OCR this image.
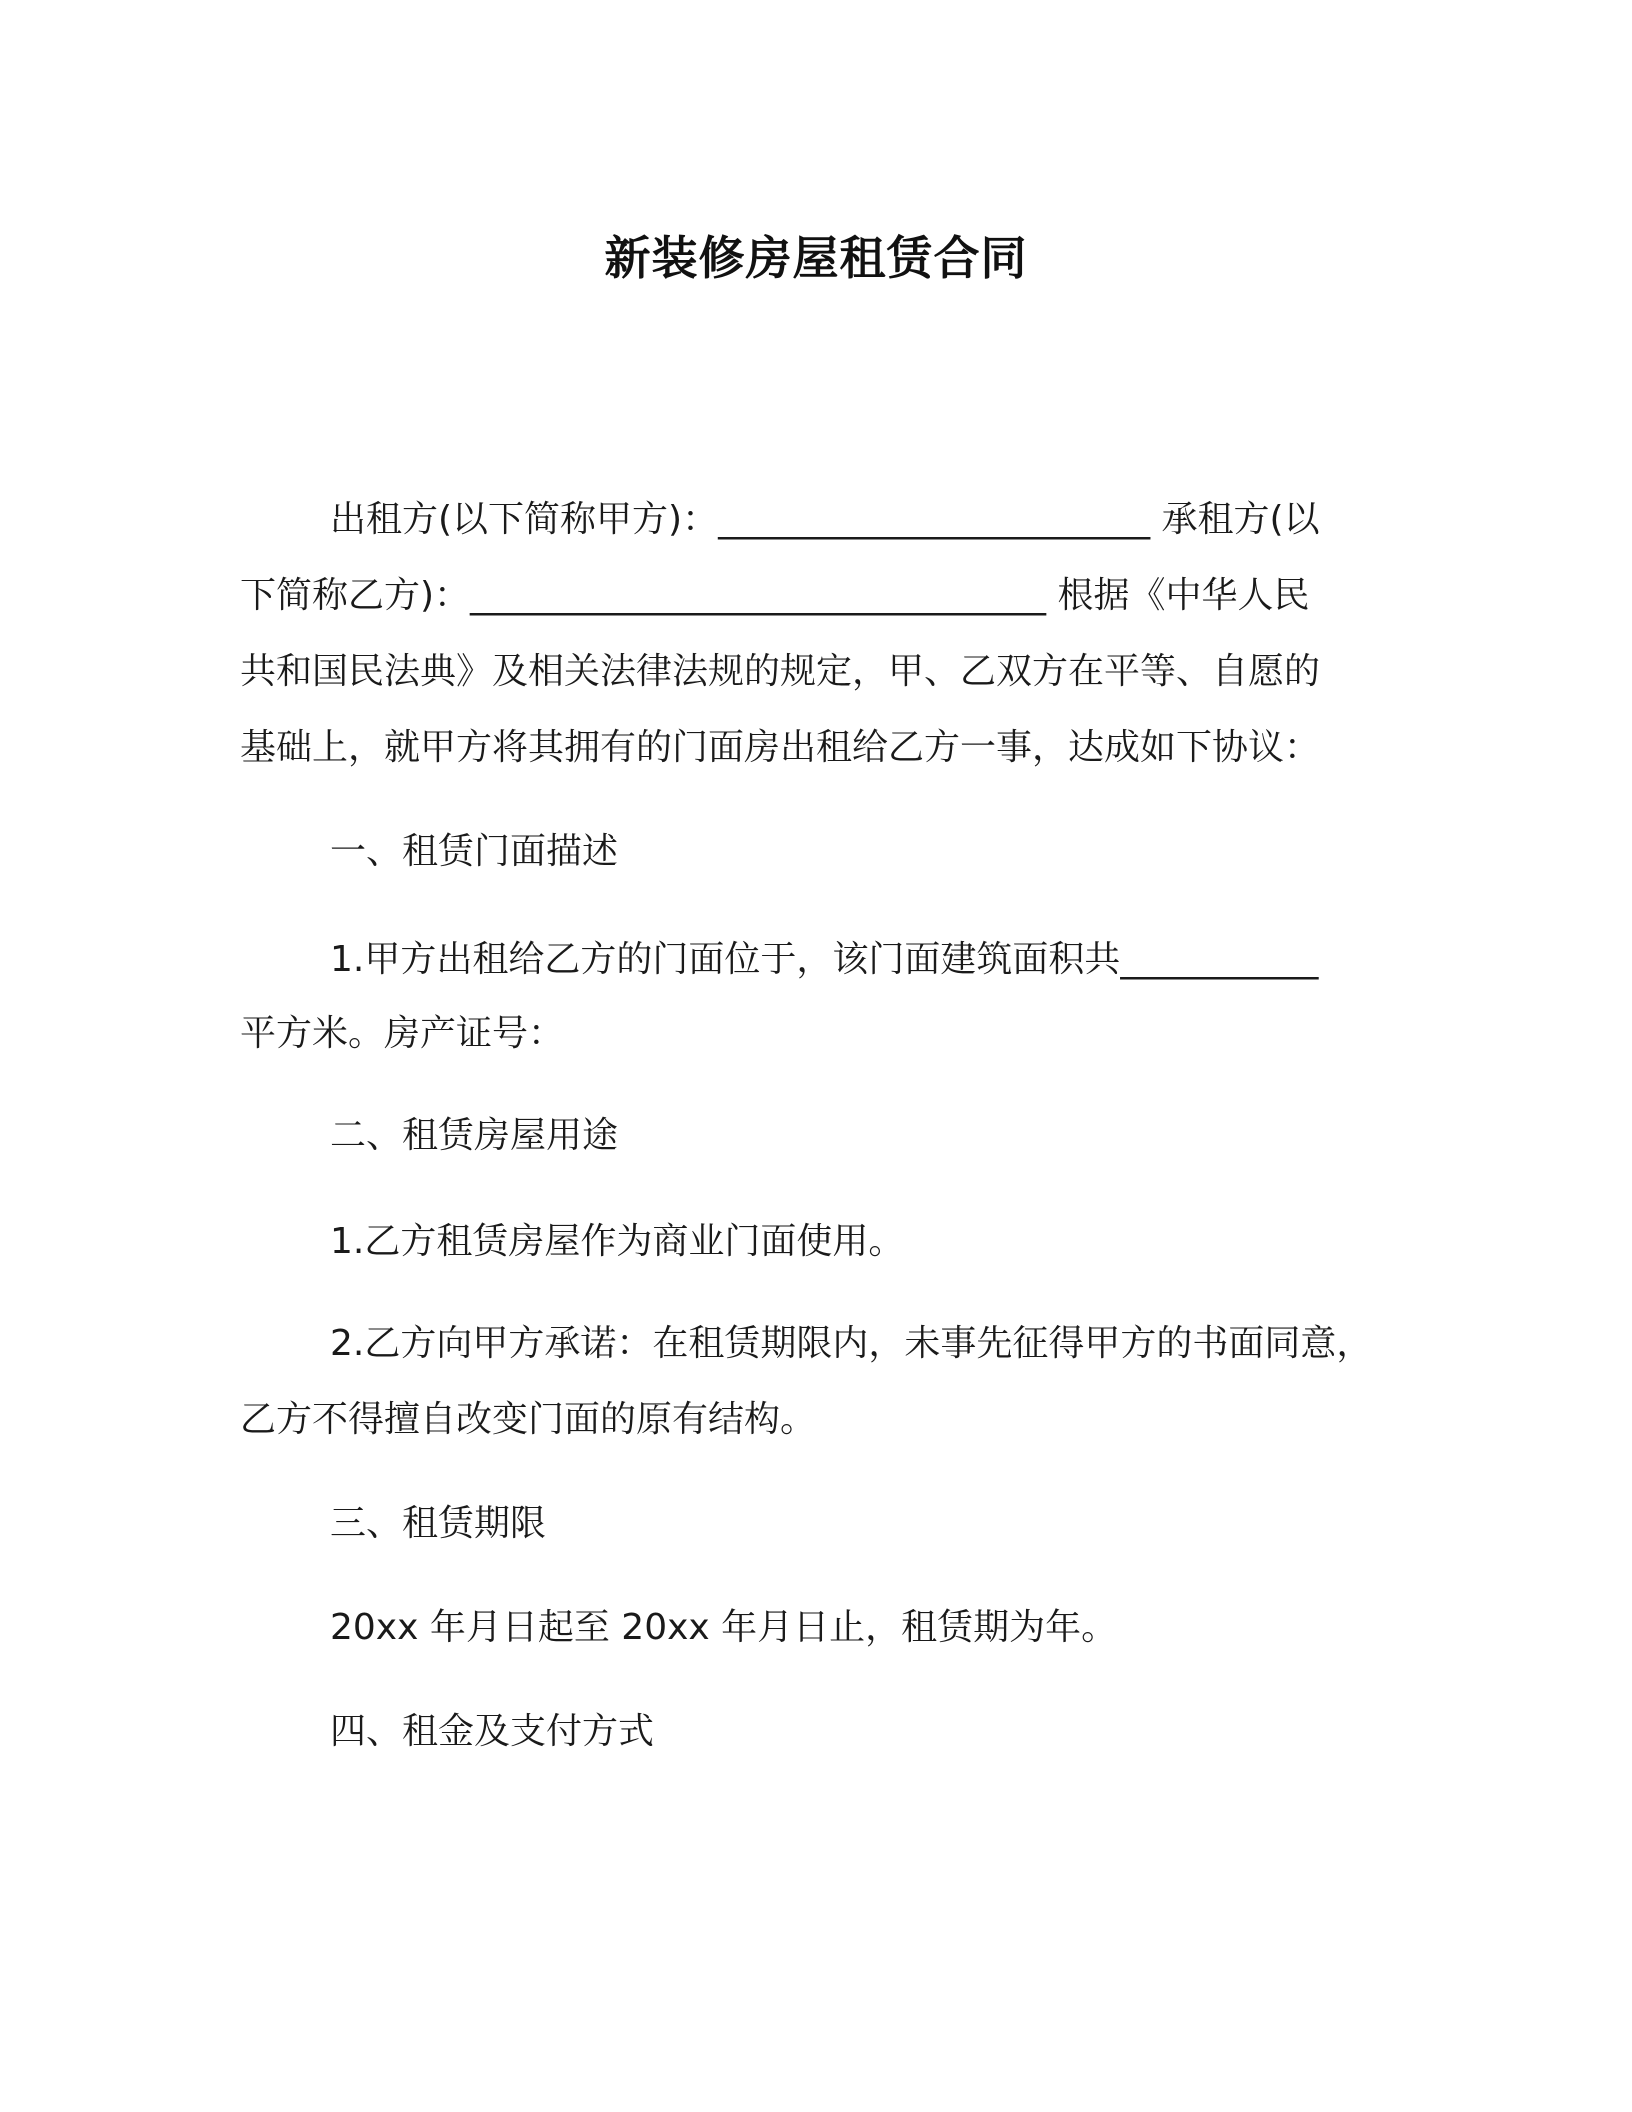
新装修房屋租赁合同
出租方(以下简称甲方)：________________________ 承租方(以
下简称乙方)：________________________________ 根据《中华人民
共和国民法典》及相关法律法规的规定，甲、乙双方在平等、自愿的
基础上，就甲方将其拥有的门面房出租给乙方一事，达成如下协议：
一、租赁门面描述
1.甲方出租给乙方的门面位于，该门面建筑面积共___________
平方米。房产证号：
二、租赁房屋用途
1.乙方租赁房屋作为商业门面使用。
2.乙方向甲方承诺：在租赁期限内，未事先征得甲方的书面同意，
乙方不得擅自改变门面的原有结构。
三、租赁期限
20xx 年月日起至 20xx 年月日止，租赁期为年。
四、租金及支付方式
